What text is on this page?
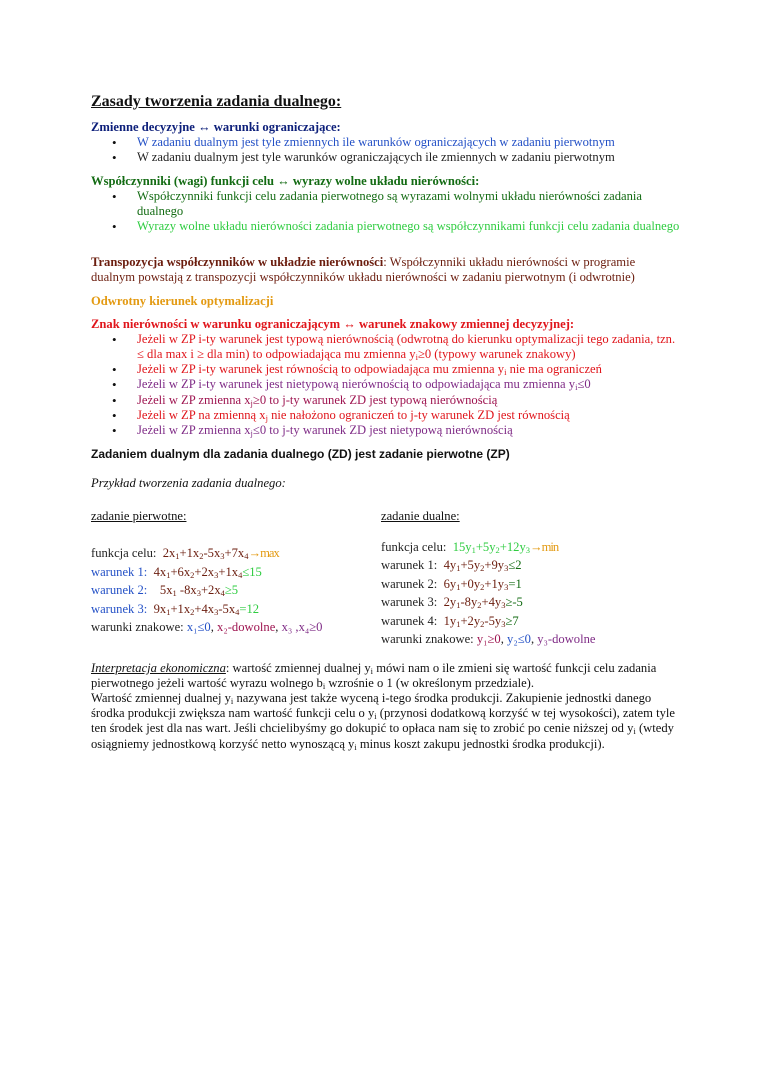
Zasady tworzenia zadania dualnego:
Zmienne decyzyjne ↔ warunki ograniczające:
• W zadaniu dualnym jest tyle zmiennych ile warunków ograniczających w zadaniu pierwotnym
• W zadaniu dualnym jest tyle warunków ograniczających ile zmiennych w zadaniu pierwotnym
Współczynniki (wagi) funkcji celu ↔ wyrazy wolne układu nierówności:
• Współczynniki funkcji celu zadania pierwotnego są wyrazami wolnymi układu nierówności zadania dualnego
• Wyrazy wolne układu nierówności zadania pierwotnego są współczynnikami funkcji celu zadania dualnego
Transpozycja współczynników w układzie nierówności: Współczynniki układu nierówności w programie dualnym powstają z transpozycji współczynników układu nierówności w zadaniu pierwotnym (i odwrotnie)
Odwrotny kierunek optymalizacji
Znak nierówności w warunku ograniczającym ↔ warunek znakowy zmiennej decyzyjnej:
• Jeżeli w ZP i-ty warunek jest typową nierównością (odwrotną do kierunku optymalizacji tego zadania, tzn. ≤ dla max i ≥ dla min) to odpowiadająca mu zmienna $y_i\ge 0$ (typowy warunek znakowy)
• Jeżeli w ZP i-ty warunek jest równością to odpowiadająca mu zmienna $y_i$ nie ma ograniczeń
• Jeżeli w ZP i-ty warunek jest nietypową nierównością to odpowiadająca mu zmienna $y_i\le 0$
• Jeżeli w ZP zmienna $x_j\ge 0$ to j-ty warunek ZD jest typową nierównością
• Jeżeli w ZP na zmienną $x_j$ nie nałożono ograniczeń to j-ty warunek ZD jest równością
• Jeżeli w ZP zmienna $x_j\le 0$ to j-ty warunek ZD jest nietypową nierównością
Zadaniem dualnym dla zadania dualnego (ZD) jest zadanie pierwotne (ZP)
Przykład tworzenia zadania dualnego:
zadanie pierwotne:
funkcja celu: $2x_1+1x_2-5x_3+7x_4\to\max$
warunek 1: $4x_1+6x_2+2x_3+1x_4\le 15$
warunek 2: $5x_1$ $-8x_3+2x_4\ge 5$
warunek 3: $9x_1+1x_2+4x_3-5x_4=12$
warunki znakowe: x₁≤0, x₂-dowolne, x₃ ,x₄≥0
zadanie dualne:
funkcja celu: $15y_1+5y_2+12y_3\to\min$
warunek 1: $4y_1+5y_2+9y_3\le 2$
warunek 2: $6y_1+0y_2+1y_3=1$
warunek 3: $2y_1-8y_2+4y_3\ge-5$
warunek 4: $1y_1+2y_2-5y_3\ge 7$
warunki znakowe: y₁≥0, y₂≤0, y₃-dowolne
Interpretacja ekonomiczna: wartość zmiennej dualnej $y_i$ mówi nam o ile zmieni się wartość funkcji celu zadania pierwotnego jeżeli wartość wyrazu wolnego $b_i$ wzrośnie o 1 (w określonym przedziale).
Wartość zmiennej dualnej $y_i$ nazywana jest także wyceną i-tego środka produkcji. Zakupienie jednostki danego środka produkcji zwiększa nam wartość funkcji celu o $y_i$ (przynosi dodatkową korzyść w tej wysokości), zatem tyle ten środek jest dla nas wart. Jeśli chcielibyśmy go dokupić to opłaca nam się to zrobić po cenie niższej od $y_i$ (wtedy osiągniemy jednostkową korzyść netto wynoszącą $y_i$ minus koszt zakupu jednostki środka produkcji).
